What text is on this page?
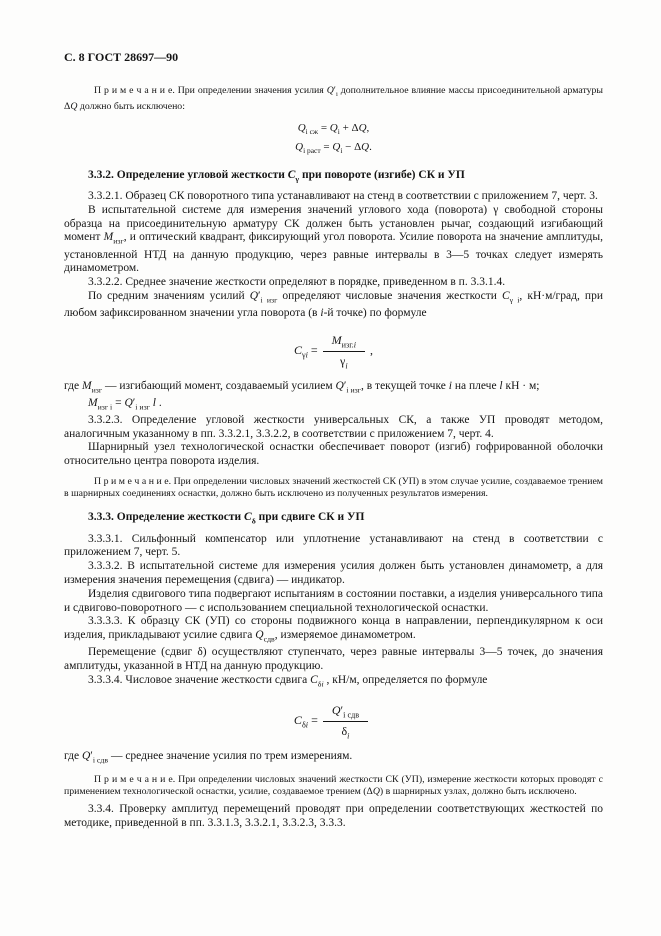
С. 8 ГОСТ 28697—90
П р и м е ч а н и е. При определении значения усилия $Q'_i$ дополнительное влияние массы присоединительной арматуры ΔQ должно быть исключено:
$Q_{i сж} = Q_i + \Delta Q$,
$Q_{i раст} = Q_i - \Delta Q$.
3.3.2. Определение угловой жесткости $C_\gamma$ при повороте (изгибе) СК и УП
3.3.2.1. Образец СК поворотного типа устанавливают на стенд в соответствии с приложением 7, черт. 3.
В испытательной системе для измерения значений углового хода (поворота) γ свободной стороны образца на присоединительную арматуру СК должен быть установлен рычаг, создающий изгибающий момент $M_{изг}$, и оптический квадрант, фиксирующий угол поворота. Усилие поворота на значение амплитуды, установленной НТД на данную продукцию, через равные интервалы в 3—5 точках следует измерять динамометром.
3.3.2.2. Среднее значение жесткости определяют в порядке, приведенном в п. 3.3.1.4.
По средним значениям усилий $Q'_{i изг}$ определяют числовые значения жесткости $C_{\gamma i}$, кН·м/град, при любом зафиксированном значении угла поворота (в i-й точке) по формуле
$C_{\gamma i} = \frac{M_{изг.i}}{\gamma_i}$ ,
где $M_{изг}$ — изгибающий момент, создаваемый усилием $Q'_{i изг}$, в текущей точке i на плече l кН · м;
$M_{изг i} = Q'_{i изг}$ l .
3.3.2.3. Определение угловой жесткости универсальных СК, а также УП проводят методом, аналогичным указанному в пп. 3.3.2.1, 3.3.2.2, в соответствии с приложением 7, черт. 4.
Шарнирный узел технологической оснастки обеспечивает поворот (изгиб) гофрированной оболочки относительно центра поворота изделия.
П р и м е ч а н и е. При определении числовых значений жесткостей СК (УП) в этом случае усилие, создаваемое трением в шарнирных соединениях оснастки, должно быть исключено из полученных результатов измерения.
3.3.3. Определение жесткости $C_\delta$ при сдвиге СК и УП
3.3.3.1. Сильфонный компенсатор или уплотнение устанавливают на стенд в соответствии с приложением 7, черт. 5.
3.3.3.2. В испытательной системе для измерения усилия должен быть установлен динамометр, а для измерения значения перемещения (сдвига) — индикатор.
Изделия сдвигового типа подвергают испытаниям в состоянии поставки, а изделия универсального типа и сдвигово-поворотного — с использованием специальной технологической оснастки.
3.3.3.3. К образцу СК (УП) со стороны подвижного конца в направлении, перпендикулярном к оси изделия, прикладывают усилие сдвига $Q_{сдв}$, измеряемое динамометром.
Перемещение (сдвиг δ) осуществляют ступенчато, через равные интервалы 3—5 точек, до значения амплитуды, указанной в НТД на данную продукцию.
3.3.3.4. Числовое значение жесткости сдвига $C_{\delta i}$ , кН/м, определяется по формуле
$C_{\delta i} = \frac{Q'_{i сдв}}{\delta_i}$
где $Q'_{i сдв}$ — среднее значение усилия по трем измерениям.
П р и м е ч а н и е. При определении числовых значений жесткости СК (УП), измерение жесткости которых проводят с применением технологической оснастки, усилие, создаваемое трением (ΔQ) в шарнирных узлах, должно быть исключено.
3.3.4. Проверку амплитуд перемещений проводят при определении соответствующих жесткостей по методике, приведенной в пп. 3.3.1.3, 3.3.2.1, 3.3.2.3, 3.3.3.
